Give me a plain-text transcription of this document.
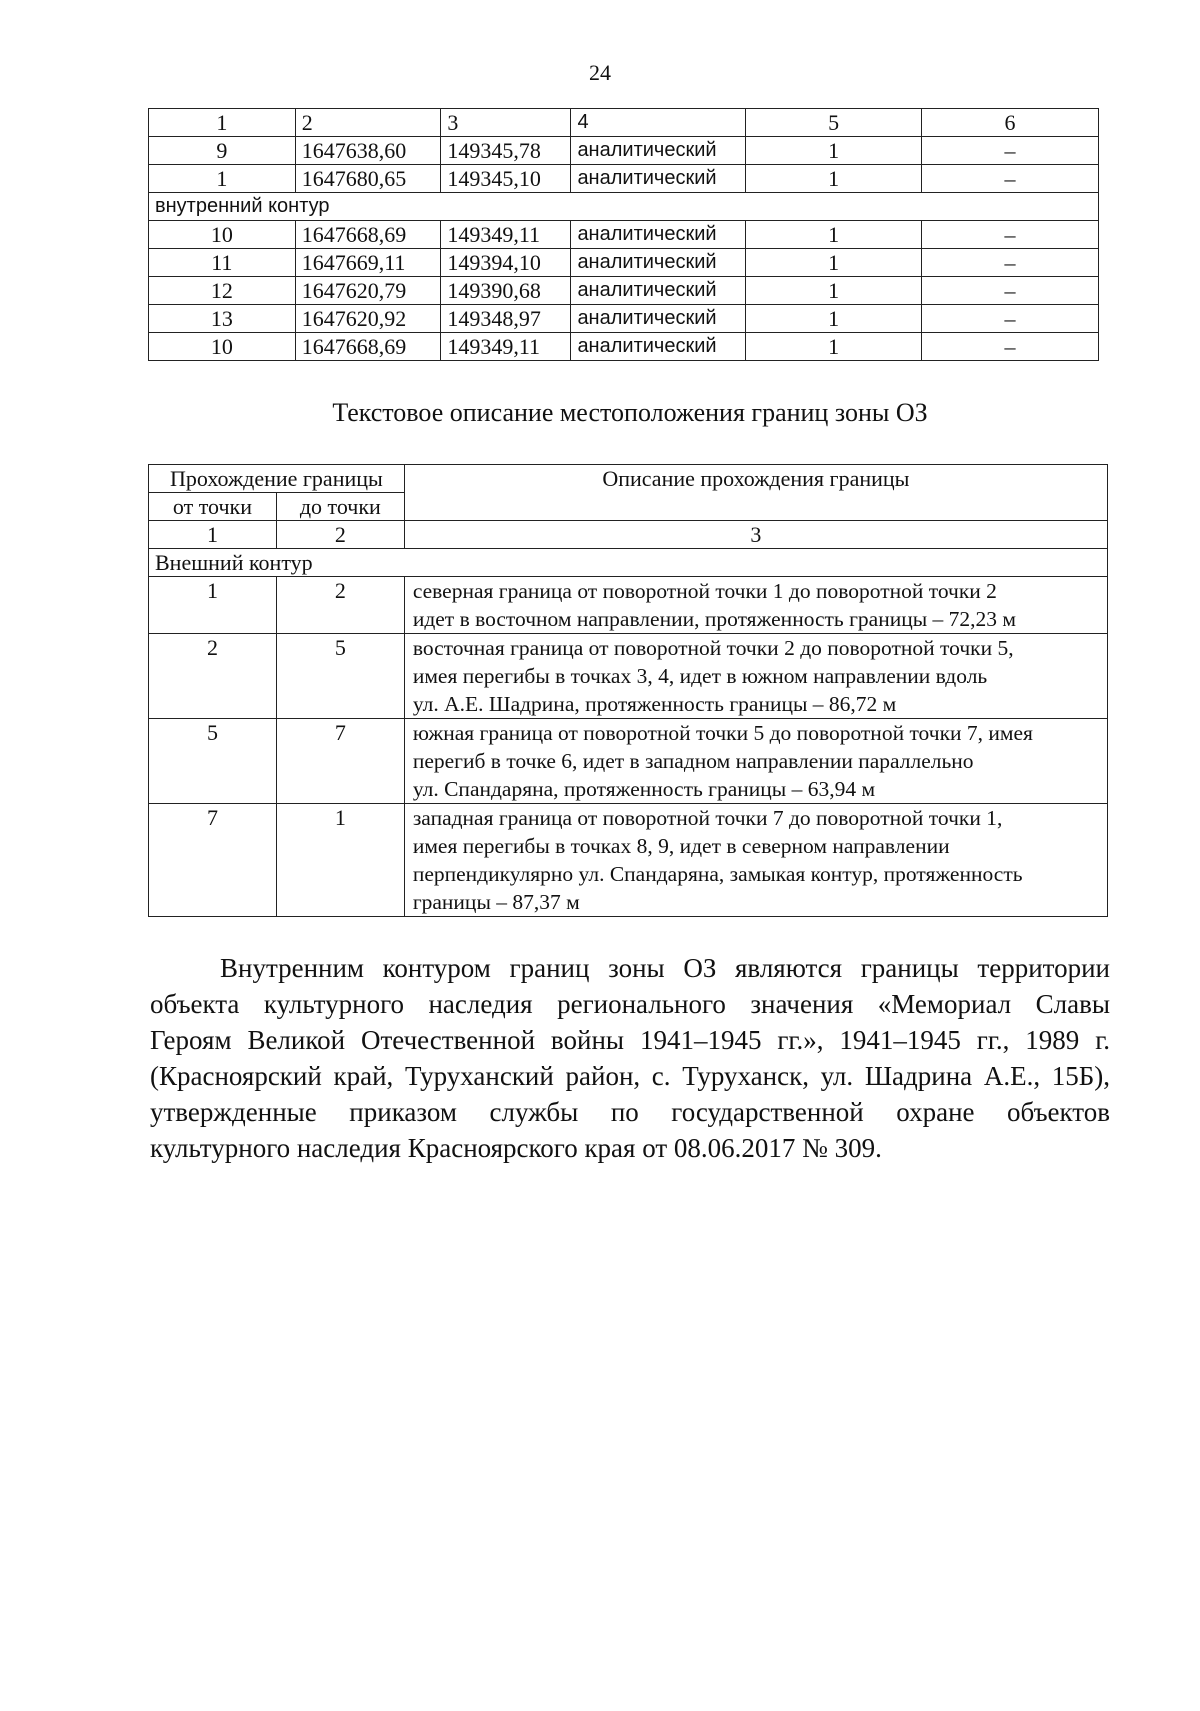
24
1	2	3	4	5	6
9	1647638,60	149345,78	аналитический	1	–
1	1647680,65	149345,10	аналитический	1	–
внутренний контур					
10	1647668,69	149349,11	аналитический	1	–
11	1647669,11	149394,10	аналитический	1	–
12	1647620,79	149390,68	аналитический	1	–
13	1647620,92	149348,97	аналитический	1	–
10	1647668,69	149349,11	аналитический	1	–
Текстовое описание местоположения границ зоны ОЗ
Прохождение границы		Описание прохождения границы
от точки	до точки	
1	2	3
Внешний контур		
1	2	северная граница от поворотной точки 1 до поворотной точки 2
идет в восточном направлении, протяженность границы – 72,23 м

2	5	восточная граница от поворотной точки 2 до поворотной точки 5,
имея перегибы в точках 3, 4, идет в южном направлении вдоль
ул. А.Е. Шадрина, протяженность границы – 86,72 м

5	7	южная граница от поворотной точки 5 до поворотной точки 7, имея
перегиб в точке 6, идет в западном направлении параллельно
ул. Спандаряна, протяженность границы – 63,94 м

7	1	западная граница от поворотной точки 7 до поворотной точки 1,
имея перегибы в точках 8, 9, идет в северном направлении
перпендикулярно ул. Спандаряна, замыкая контур, протяженность
границы – 87,37 м
Внутренним контуром границ зоны ОЗ являются границы территории
объекта культурного наследия регионального значения «Мемориал Славы
Героям Великой Отечественной войны 1941–1945 гг.», 1941–1945 гг., 1989 г.
(Красноярский край, Туруханский район, с. Туруханск, ул. Шадрина А.Е., 15Б),
утвержденные приказом службы по государственной охране объектов
культурного наследия Красноярского края от 08.06.2017 № 309.
